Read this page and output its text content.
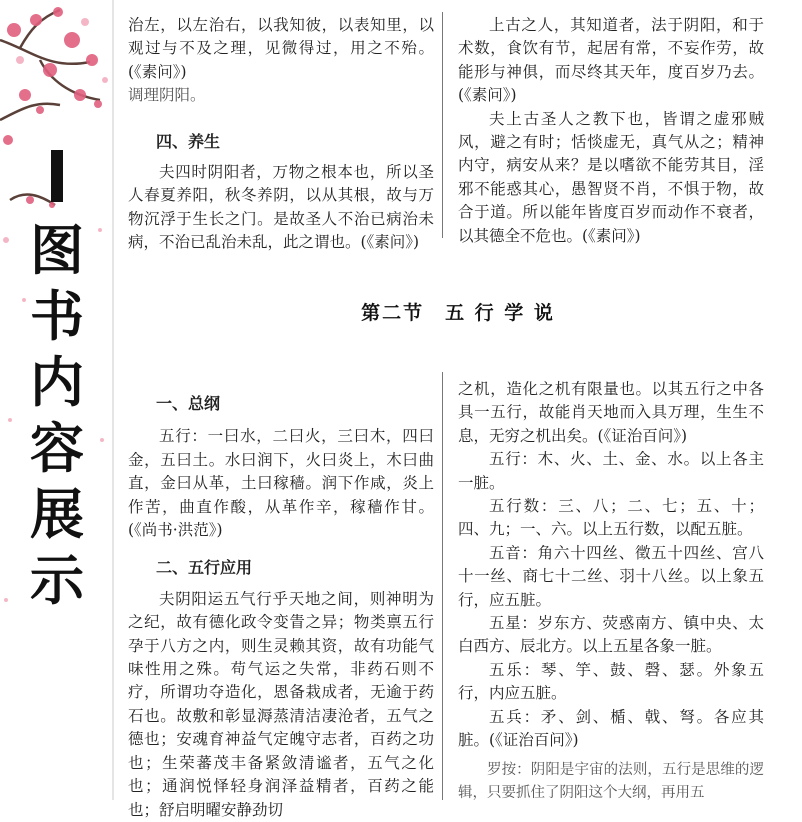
图
书
内
容
展
示

治左，以左治右，以我知彼，以表知里，以观过与不及之理，见微得过，用之不殆。(《素问》)

调理阴阳。

四、养生

夫四时阴阳者，万物之根本也，所以圣人春夏养阳，秋冬养阴，以从其根，故与万物沉浮于生长之门。是故圣人不治已病治未病，不治已乱治未乱，此之谓也。(《素问》)

上古之人，其知道者，法于阴阳，和于术数，食饮有节，起居有常，不妄作劳，故能形与神俱，而尽终其天年，度百岁乃去。(《素问》)

夫上古圣人之教下也，皆谓之虚邪贼风，避之有时；恬惔虚无，真气从之；精神内守，病安从来？是以嗜欲不能劳其目，淫邪不能惑其心，愚智贤不肖，不惧于物，故合于道。所以能年皆度百岁而动作不衰者，以其德全不危也。(《素问》)

第二节　五 行 学 说
一、总纲

五行：一曰水，二曰火，三曰木，四曰金，五曰土。水曰润下，火曰炎上，木曰曲直，金曰从革，土曰稼穑。润下作咸，炎上作苦，曲直作酸，从革作辛，稼穑作甘。(《尚书·洪范》)

二、五行应用

夫阴阳运五气行乎天地之间，则神明为之纪，故有德化政令变眚之异；物类禀五行孕于八方之内，则生灵赖其资，故有功能气味性用之殊。苟气运之失常，非药石则不疗，所谓功夺造化，恩备栽成者，无逾于药石也。故敷和彰显溽蒸清洁凄沧者，五气之德也；安魂育神益气定魄守志者，百药之功也；生荣蕃茂丰备紧敛清谧者，五气之化也；通润悦怿轻身润泽益精者，百药之能也；舒启明曜安静劲切

之机，造化之机有限量也。以其五行之中各具一五行，故能肖天地而入具万理，生生不息，无穷之机出矣。(《证治百问》)

五行：木、火、土、金、水。以上各主一脏。

五行数：三、八；二、七；五、十；四、九；一、六。以上五行数，以配五脏。

五音：角六十四丝、徵五十四丝、宫八十一丝、商七十二丝、羽十八丝。以上象五行，应五脏。

五星：岁东方、荧惑南方、镇中央、太白西方、辰北方。以上五星各象一脏。

五乐：琴、竽、鼓、磬、瑟。外象五行，内应五脏。

五兵：矛、剑、楯、戟、弩。各应其脏。(《证治百问》)

罗按：阴阳是宇宙的法则，五行是思维的逻辑，只要抓住了阴阳这个大纲，再用五
